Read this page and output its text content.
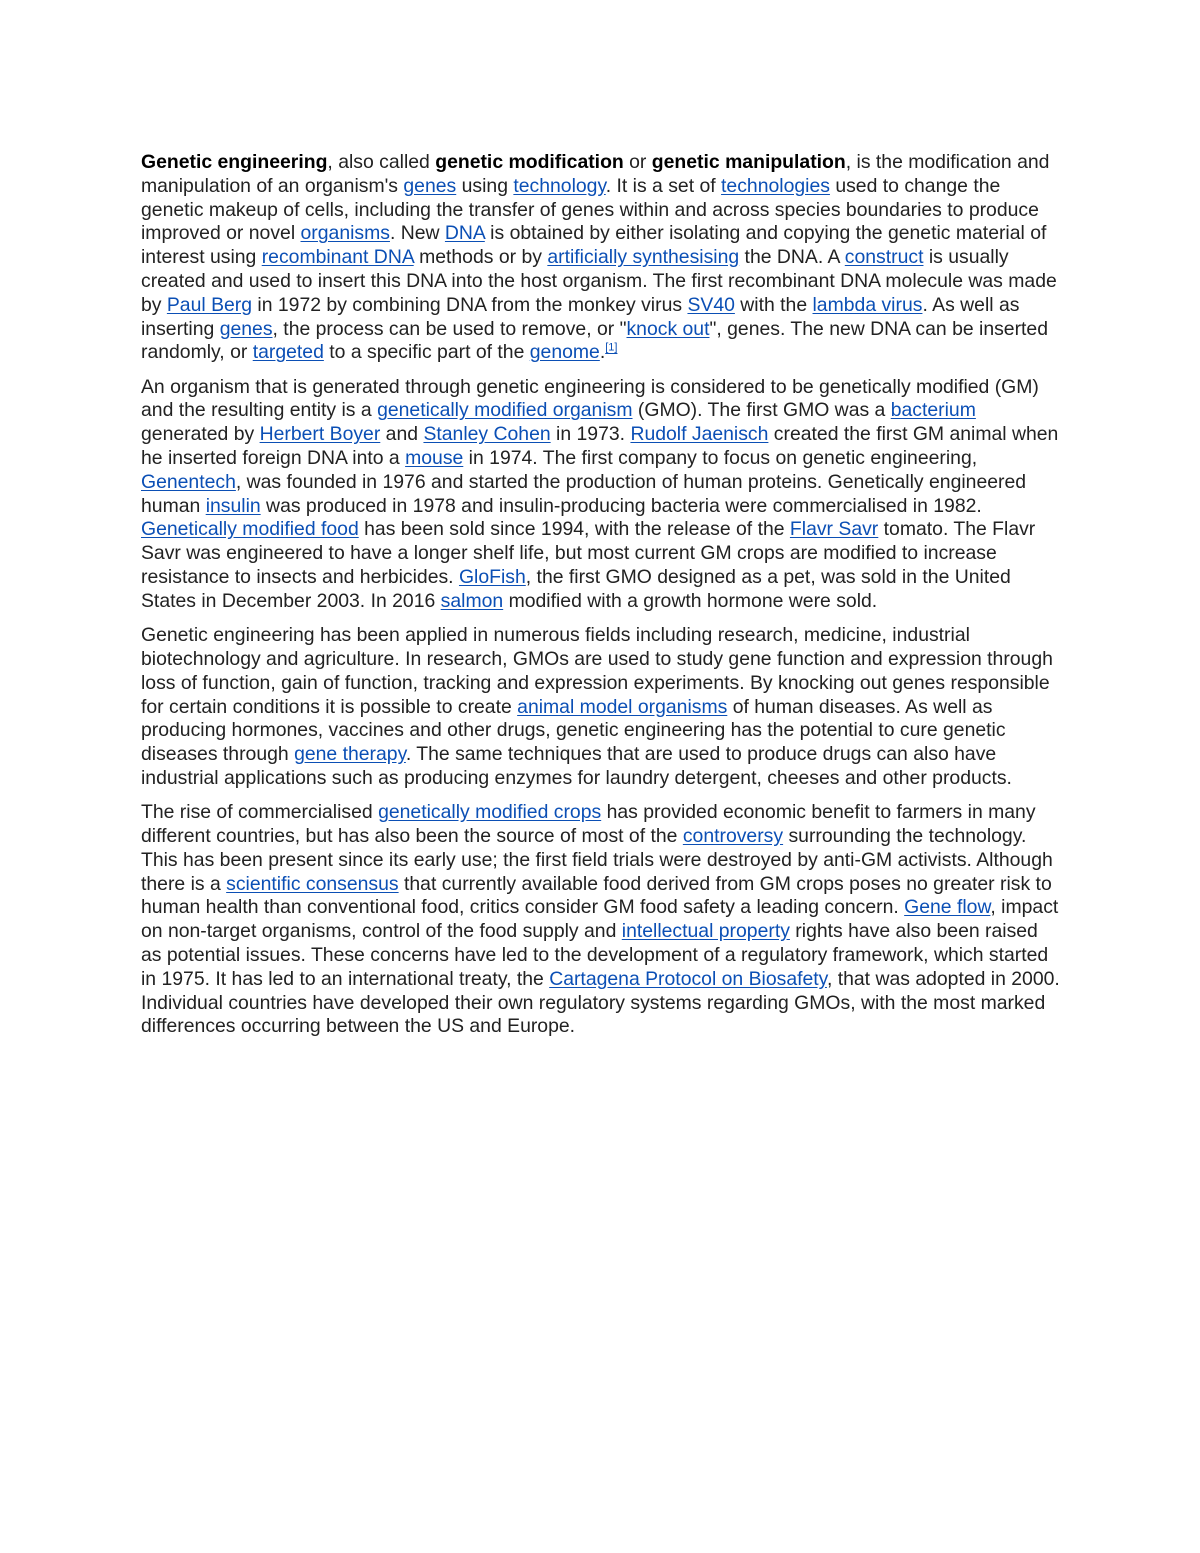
Genetic engineering, also called genetic modification or genetic manipulation, is the modification and manipulation of an organism's genes using technology. It is a set of technologies used to change the genetic makeup of cells, including the transfer of genes within and across species boundaries to produce improved or novel organisms. New DNA is obtained by either isolating and copying the genetic material of interest using recombinant DNA methods or by artificially synthesising the DNA. A construct is usually created and used to insert this DNA into the host organism. The first recombinant DNA molecule was made by Paul Berg in 1972 by combining DNA from the monkey virus SV40 with the lambda virus. As well as inserting genes, the process can be used to remove, or "knock out", genes. The new DNA can be inserted randomly, or targeted to a specific part of the genome.[1]

An organism that is generated through genetic engineering is considered to be genetically modified (GM) and the resulting entity is a genetically modified organism (GMO). The first GMO was a bacterium generated by Herbert Boyer and Stanley Cohen in 1973. Rudolf Jaenisch created the first GM animal when he inserted foreign DNA into a mouse in 1974. The first company to focus on genetic engineering, Genentech, was founded in 1976 and started the production of human proteins. Genetically engineered human insulin was produced in 1978 and insulin-producing bacteria were commercialised in 1982. Genetically modified food has been sold since 1994, with the release of the Flavr Savr tomato. The Flavr Savr was engineered to have a longer shelf life, but most current GM crops are modified to increase resistance to insects and herbicides. GloFish, the first GMO designed as a pet, was sold in the United States in December 2003. In 2016 salmon modified with a growth hormone were sold.

Genetic engineering has been applied in numerous fields including research, medicine, industrial biotechnology and agriculture. In research, GMOs are used to study gene function and expression through loss of function, gain of function, tracking and expression experiments. By knocking out genes responsible for certain conditions it is possible to create animal model organisms of human diseases. As well as producing hormones, vaccines and other drugs, genetic engineering has the potential to cure genetic diseases through gene therapy. The same techniques that are used to produce drugs can also have industrial applications such as producing enzymes for laundry detergent, cheeses and other products.

The rise of commercialised genetically modified crops has provided economic benefit to farmers in many different countries, but has also been the source of most of the controversy surrounding the technology. This has been present since its early use; the first field trials were destroyed by anti-GM activists. Although there is a scientific consensus that currently available food derived from GM crops poses no greater risk to human health than conventional food, critics consider GM food safety a leading concern. Gene flow, impact on non-target organisms, control of the food supply and intellectual property rights have also been raised as potential issues. These concerns have led to the development of a regulatory framework, which started in 1975. It has led to an international treaty, the Cartagena Protocol on Biosafety, that was adopted in 2000. Individual countries have developed their own regulatory systems regarding GMOs, with the most marked differences occurring between the US and Europe.
